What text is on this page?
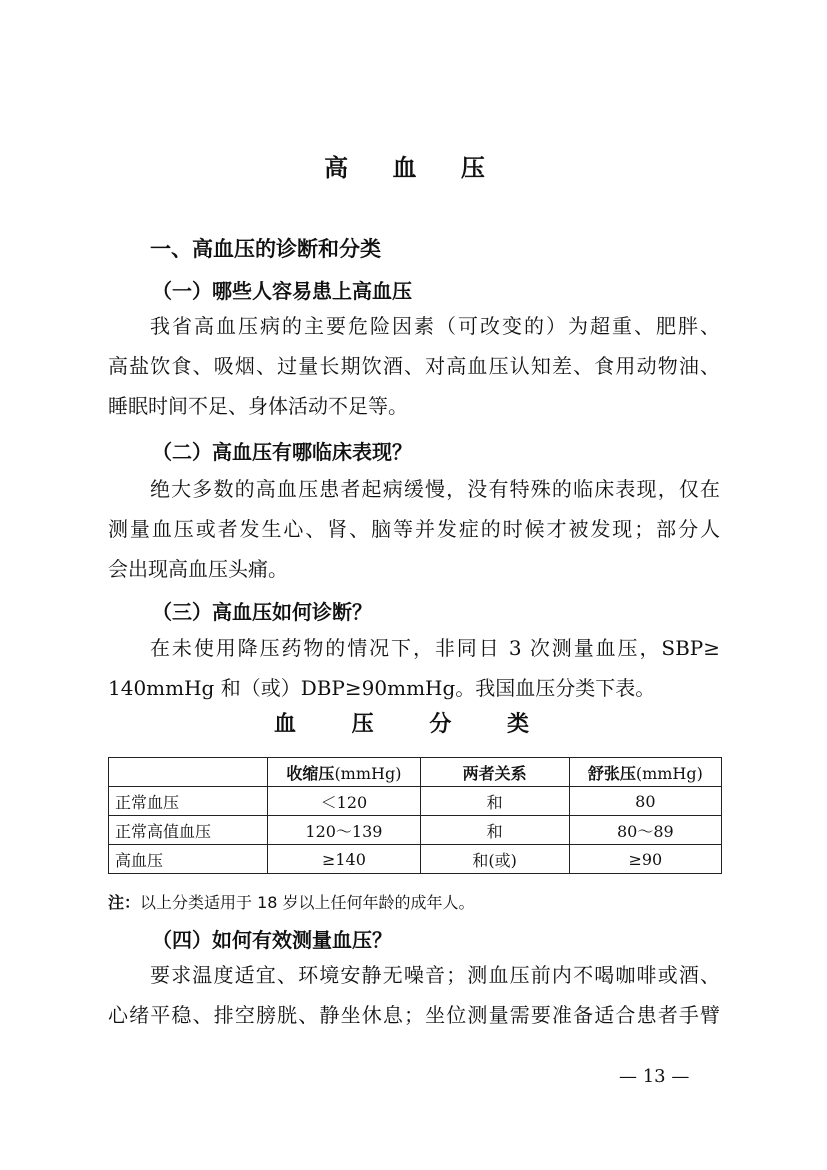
高 血 压
一、高血压的诊断和分类
（一）哪些人容易患上高血压
我省高血压病的主要危险因素（可改变的）为超重、肥胖、
高盐饮食、吸烟、过量长期饮酒、对高血压认知差、食用动物油、
睡眠时间不足、身体活动不足等。
（二）高血压有哪临床表现？
绝大多数的高血压患者起病缓慢，没有特殊的临床表现，仅在
测量血压或者发生心、肾、脑等并发症的时候才被发现；部分人
会出现高血压头痛。
（三）高血压如何诊断？
在未使用降压药物的情况下，非同日 3 次测量血压，SBP≥
140mmHg 和（或）DBP≥90mmHg。我国血压分类下表。
血 压 分 类
	收缩压(mmHg)	两者关系	舒张压(mmHg)
正常血压	＜120	和	80
正常高值血压	120～139	和	80～89
高血压	≥140	和(或)	≥90

注：以上分类适用于 18 岁以上任何年龄的成年人。

（四）如何有效测量血压？
要求温度适宜、环境安静无噪音；测血压前内不喝咖啡或酒、
心绪平稳、排空膀胱、静坐休息；坐位测量需要准备适合患者手臂

— 13 —
